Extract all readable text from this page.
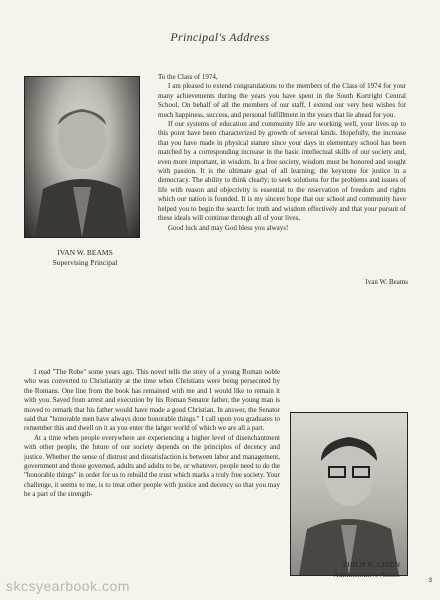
Principal's Address
IVAN W. BEAMS
Supervising Principal

To the Class of 1974,

I am pleased to extend congratulations to the members of the Class of 1974 for your many achievements during the years you have spent in the South Kortright Central School. On behalf of all the members of our staff, I extend our very best wishes for much happiness, success, and personal fulfillment in the years that lie ahead for you.

If our systems of education and community life are working well, your lives up to this point have been characterized by growth of several kinds. Hopefully, the increase that you have made in physical stature since your days in elementary school has been matched by a corresponding increase in the basic intellectual skills of our society and, even more important, in wisdom. In a free society, wisdom must be honored and sought with passion. It is the ultimate goal of all learning; the keystone for justice in a democracy. The ability to think clearly; to seek solutions for the problems and issues of life with reason and objectivity is essential to the reservation of freedom and rights which our nation is founded. It is my sincere hope that our school and community have helped you to begin the search for truth and wisdom effectively and that your pursuit of these ideals will continue through all of your lives.

Good luck and may God bless you always!

Ivan W. Beams

I read "The Robe" some years ago. This novel tells the story of a young Roman noble who was converted to Christianity at the time when Christians were being persecuted by the Romans. One line from the book has remained with me and I would like to remain it with you. Saved from arrest and execution by his Roman Senator father, the young man is moved to remark that his father would have made a good Christian. In answer, the Senator said that "honorable men have always done honorable things." I call upon you graduates to remember this and dwell on it as you enter the larger world of which we are all a part.

At a time when people everywhere are experiencing a higher level of disenchantment with other people, the future of our society depends on the principles of decency and justice. Whether the sense of distrust and dissatisfaction is between labor and management, government and those governed, adults and adults to be, or whatever, people need to do the "honorable things" in order for us to rebuild the trust which marks a truly free society. Your challenge, it seems to me, is to treat other people with justice and decency so that you may be a part of the strength-

PHILIP K. CHIEN
Administrative Assist.
skcsyearbook.com	3
